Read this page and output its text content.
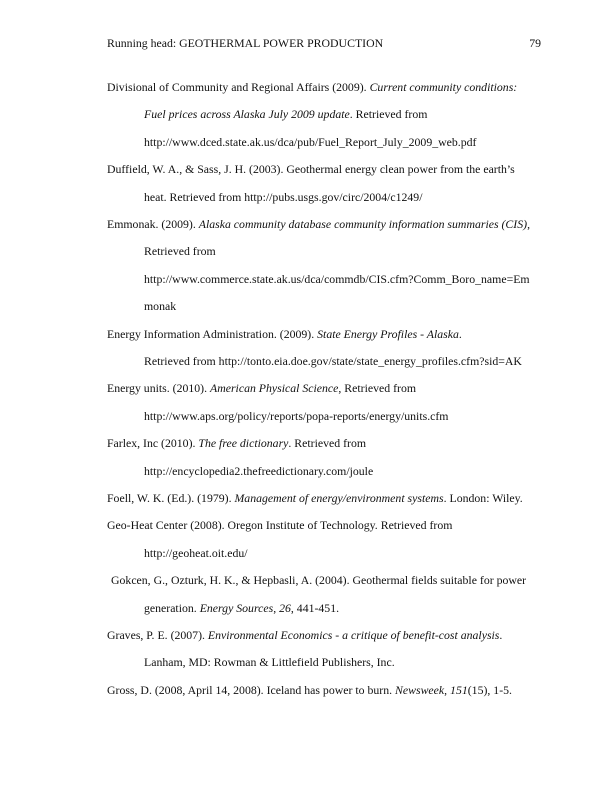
Running head: GEOTHERMAL POWER PRODUCTION	79
Divisional of Community and Regional Affairs (2009). Current community conditions:
Fuel prices across Alaska July 2009 update. Retrieved from
http://www.dced.state.ak.us/dca/pub/Fuel_Report_July_2009_web.pdf
Duffield, W. A., & Sass, J. H. (2003). Geothermal energy clean power from the earth’s
heat. Retrieved from http://pubs.usgs.gov/circ/2004/c1249/
Emmonak. (2009). Alaska community database community information summaries (CIS),
Retrieved from
http://www.commerce.state.ak.us/dca/commdb/CIS.cfm?Comm_Boro_name=Em
monak
Energy Information Administration. (2009). State Energy Profiles - Alaska.
Retrieved from http://tonto.eia.doe.gov/state/state_energy_profiles.cfm?sid=AK
Energy units. (2010). American Physical Science, Retrieved from
http://www.aps.org/policy/reports/popa-reports/energy/units.cfm
Farlex, Inc (2010). The free dictionary. Retrieved from
http://encyclopedia2.thefreedictionary.com/joule
Foell, W. K. (Ed.). (1979). Management of energy/environment systems. London: Wiley.
Geo-Heat Center (2008). Oregon Institute of Technology. Retrieved from
http://geoheat.oit.edu/
Gokcen, G., Ozturk, H. K., & Hepbasli, A. (2004). Geothermal fields suitable for power
generation. Energy Sources, 26, 441-451.
Graves, P. E. (2007). Environmental Economics - a critique of benefit-cost analysis.
Lanham, MD: Rowman & Littlefield Publishers, Inc.
Gross, D. (2008, April 14, 2008). Iceland has power to burn. Newsweek, 151(15), 1-5.
